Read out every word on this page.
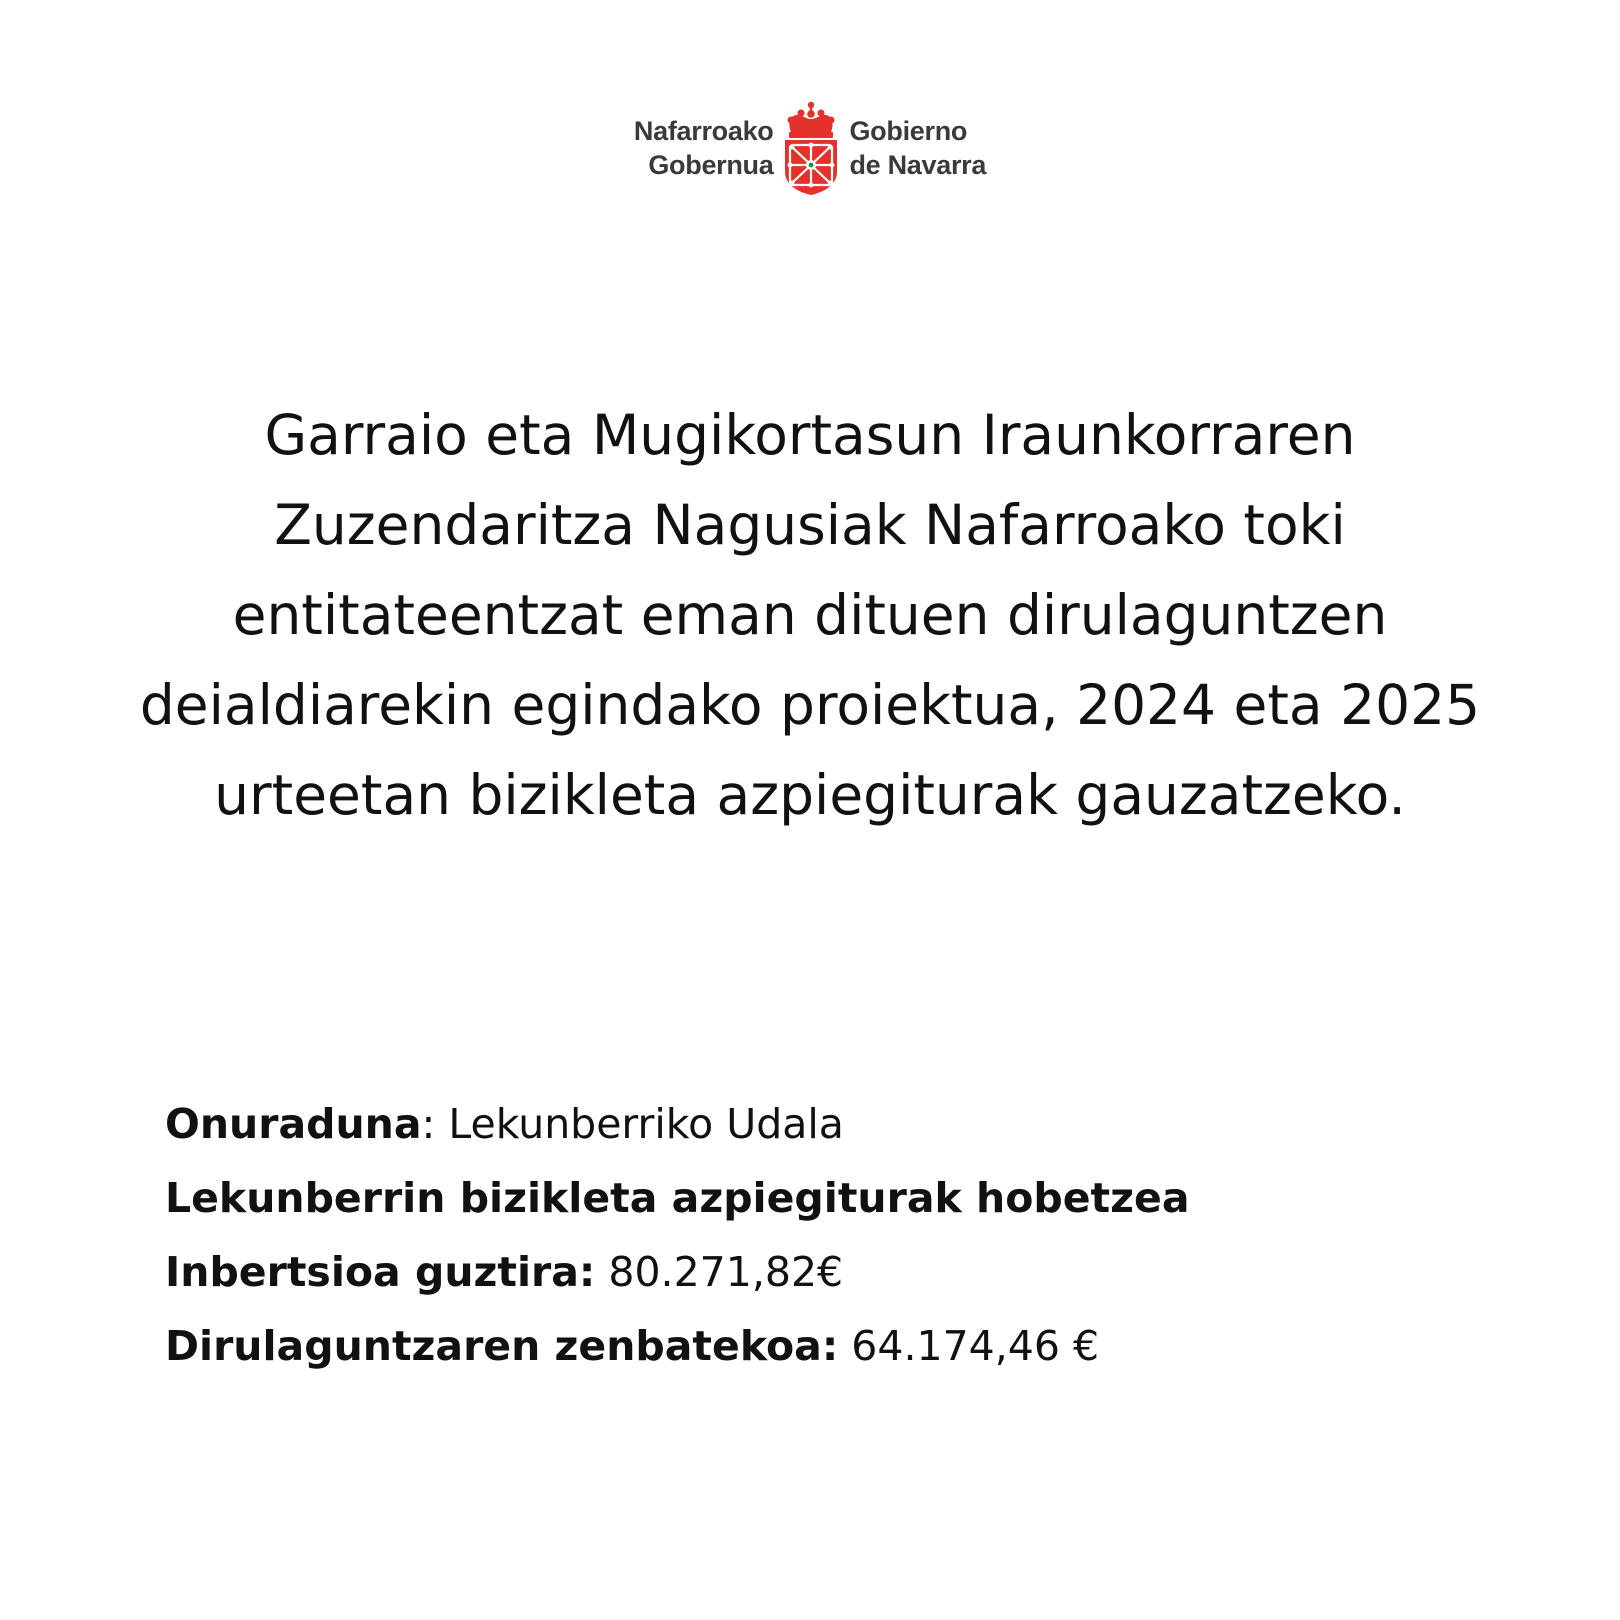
Nafarroako
Gobernua
Gobierno
de Navarra
Garraio eta Mugikortasun Iraunkorraren Zuzendaritza Nagusiak Nafarroako toki entitateentzat eman dituen dirulaguntzen deialdiarekin egindako proiektua, 2024 eta 2025 urteetan bizikleta azpiegiturak gauzatzeko.
Onuraduna: Lekunberriko Udala
Lekunberrin bizikleta azpiegiturak hobetzea
Inbertsioa guztira: 80.271,82€
Dirulaguntzaren zenbatekoa: 64.174,46 €
